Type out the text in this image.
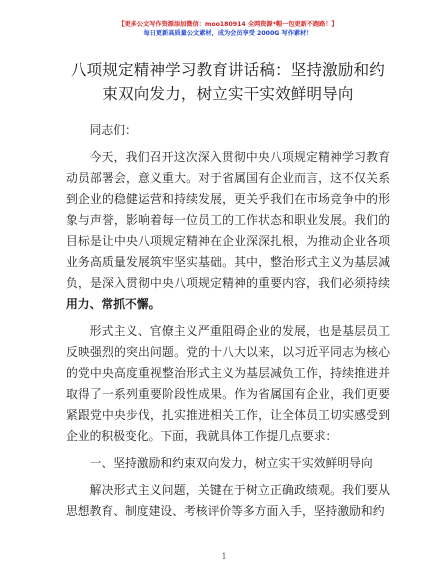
【更多公文写作资源添加微信：moo180914 全网资源*帽一包更新不跑路！】
每日更新高质量公文素材，成为会员享受 2000G 写作素材！
八项规定精神学习教育讲话稿：坚持激励和约束双向发力，树立实干实效鲜明导向
同志们：
今天，我们召开这次深入贯彻中央八项规定精神学习教育动员部署会，意义重大。对于省属国有企业而言，这不仅关系到企业的稳健运营和持续发展，更关乎我们在市场竞争中的形象与声誉，影响着每一位员工的工作状态和职业发展。我们的目标是让中央八项规定精神在企业深深扎根，为推动企业各项业务高质量发展筑牢坚实基础。其中，整治形式主义为基层减负，是深入贯彻中央八项规定精神的重要内容，我们必须持续用力、常抓不懈。
形式主义、官僚主义严重阻碍企业的发展，也是基层员工反映强烈的突出问题。党的十八大以来，以习近平同志为核心的党中央高度重视整治形式主义为基层减负工作，持续推进并取得了一系列重要阶段性成果。作为省属国有企业，我们更要紧跟党中央步伐，扎实推进相关工作，让全体员工切实感受到企业的积极变化。下面，我就具体工作提几点要求：
一、坚持激励和约束双向发力，树立实干实效鲜明导向
解决形式主义问题，关键在于树立正确政绩观。我们要从思想教育、制度建设、考核评价等多方面入手，坚持激励和约
1
